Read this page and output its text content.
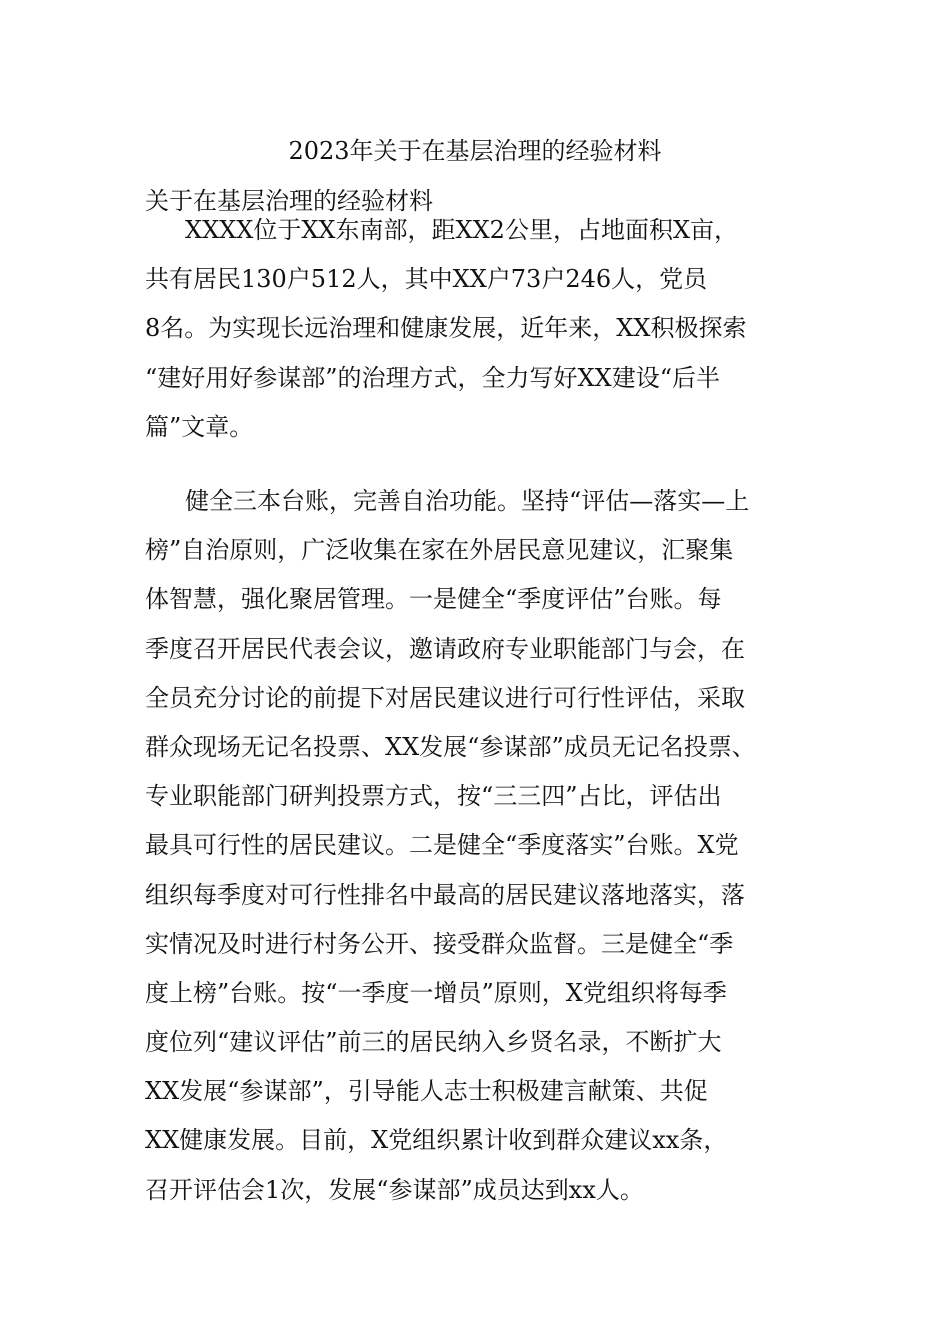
2023年关于在基层治理的经验材料
关于在基层治理的经验材料
XXXX位于XX东南部，距XX2公里，占地面积X亩，
共有居民130户512人，其中XX户73户246人，党员
8名。为实现长远治理和健康发展，近年来，XX积极探索
“建好用好参谋部”的治理方式，全力写好XX建设“后半
篇”文章。
健全三本台账，完善自治功能。坚持“评估—落实—上
榜”自治原则，广泛收集在家在外居民意见建议，汇聚集
体智慧，强化聚居管理。一是健全“季度评估”台账。每
季度召开居民代表会议，邀请政府专业职能部门与会，在
全员充分讨论的前提下对居民建议进行可行性评估，采取
群众现场无记名投票、XX发展“参谋部”成员无记名投票、
专业职能部门研判投票方式，按“三三四”占比，评估出
最具可行性的居民建议。二是健全“季度落实”台账。X党
组织每季度对可行性排名中最高的居民建议落地落实，落
实情况及时进行村务公开、接受群众监督。三是健全“季
度上榜”台账。按“一季度一增员”原则，X党组织将每季
度位列“建议评估”前三的居民纳入乡贤名录，不断扩大
XX发展“参谋部”，引导能人志士积极建言献策、共促
XX健康发展。目前，X党组织累计收到群众建议xx条，
召开评估会1次，发展“参谋部”成员达到xx人。
